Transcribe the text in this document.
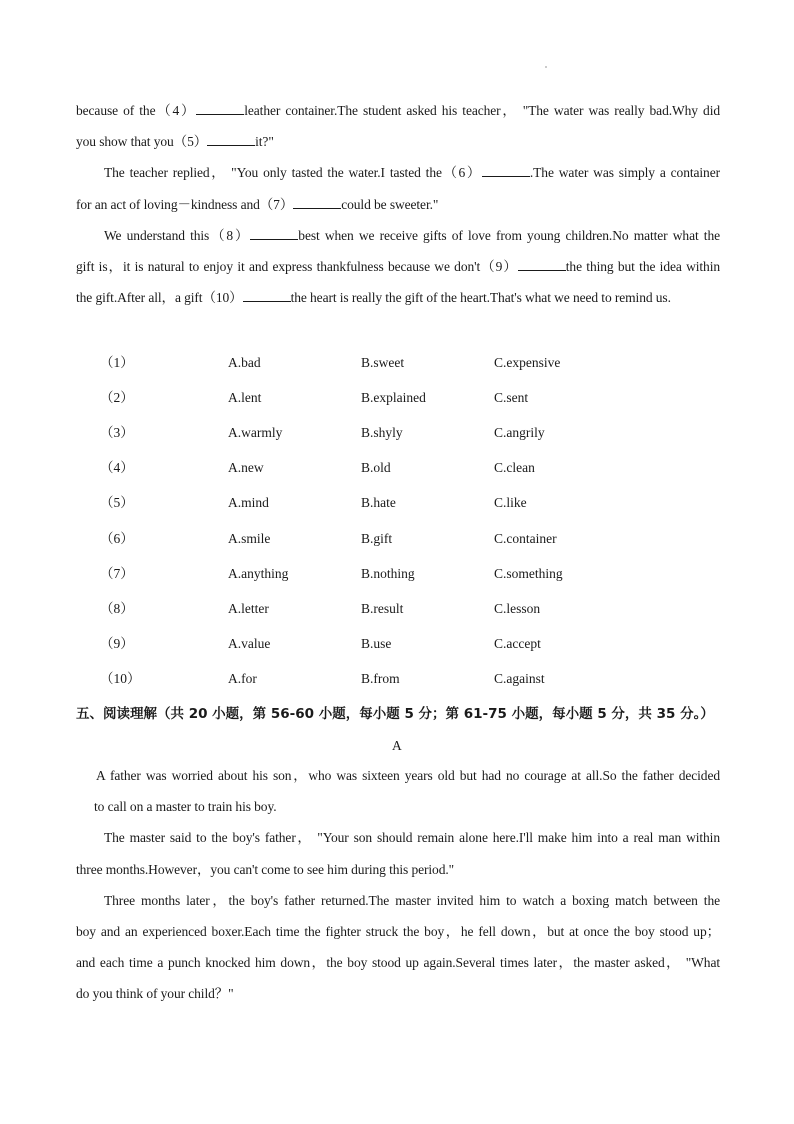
because of the（4）	leather container.The student asked his teacher， "The water was really bad.Why did
you show that you（5）	it?"
The teacher replied， "You only tasted the water.I tasted the（6）	.The water was simply a container
for an act of loving－kindness and（7）	could be sweeter."
We understand this（8）	best when we receive gifts of love from young children.No matter what the
gift is，it is natural to enjoy it and express thankfulness because we don't（9）	the thing but the idea within
the gift.After all，a gift（10）	the heart is really the gift of the heart.That's what we need to remind us.
（1）	A.bad	B.sweet	C.expensive
（2）	A.lent	B.explained	C.sent
（3）	A.warmly	B.shyly	C.angrily
（4）	A.new	B.old	C.clean
（5）	A.mind	B.hate	C.like
（6）	A.smile	B.gift	C.container
（7）	A.anything	B.nothing	C.something
（8）	A.letter	B.result	C.lesson
（9）	A.value	B.use	C.accept
（10）	A.for	B.from	C.against
五、阅读理解（共 20 小题，第 56-60 小题，每小题 5 分；第 61-75 小题，每小题 5 分，共 35 分。）
A
A father was worried about his son，who was sixteen years old but had no courage at all.So the father decided
to call on a master to train his boy.
The master said to the boy's father， "Your son should remain alone here.I'll make him into a real man within
three months.However，you can't come to see him during this period."
Three months later，the boy's father returned.The master invited him to watch a boxing match between the
boy and an experienced boxer.Each time the fighter struck the boy，he fell down，but at once the boy stood up；
and each time a punch knocked him down，the boy stood up again.Several times later，the master asked， "What
do you think of your child？"
